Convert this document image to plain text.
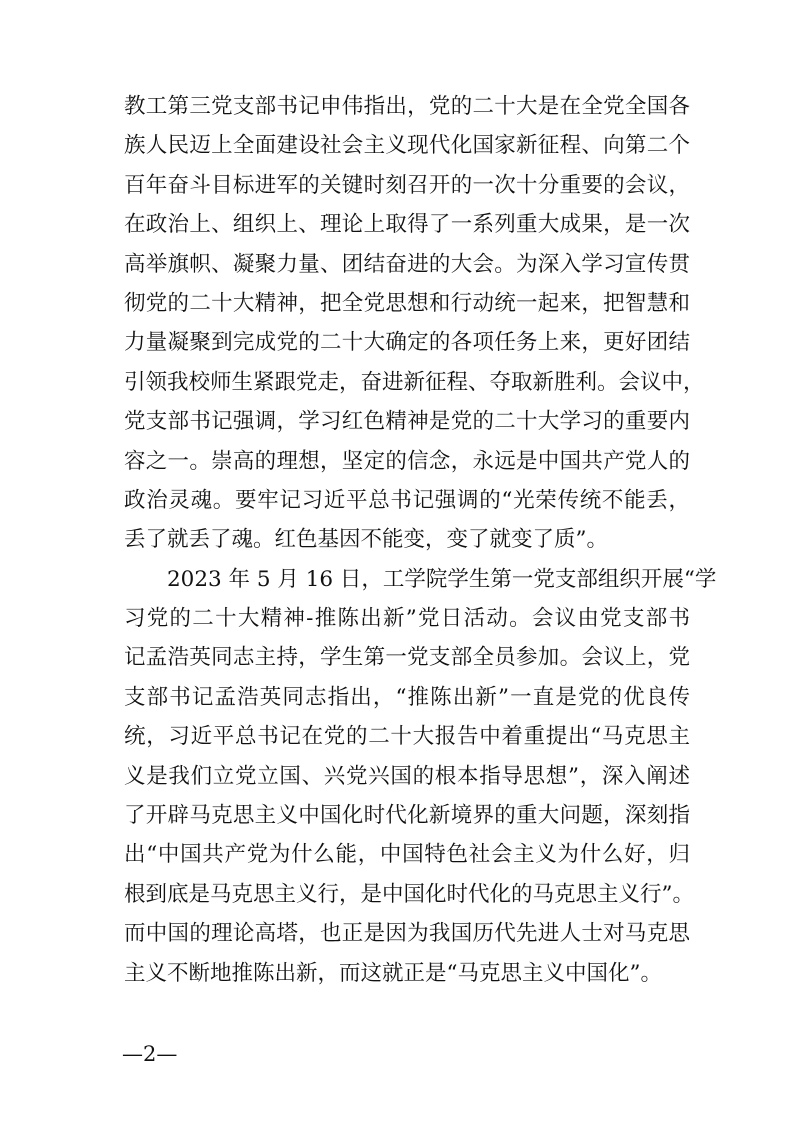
教工第三党支部书记申伟指出，党的二十大是在全党全国各
族人民迈上全面建设社会主义现代化国家新征程、向第二个
百年奋斗目标进军的关键时刻召开的一次十分重要的会议，
在政治上、组织上、理论上取得了一系列重大成果，是一次
高举旗帜、凝聚力量、团结奋进的大会。为深入学习宣传贯
彻党的二十大精神，把全党思想和行动统一起来，把智慧和
力量凝聚到完成党的二十大确定的各项任务上来，更好团结
引领我校师生紧跟党走，奋进新征程、夺取新胜利。会议中，
党支部书记强调，学习红色精神是党的二十大学习的重要内
容之一。崇高的理想，坚定的信念，永远是中国共产党人的
政治灵魂。要牢记习近平总书记强调的“光荣传统不能丢，
丢了就丢了魂。红色基因不能变，变了就变了质”。
2023 年 5 月 16 日，工学院学生第一党支部组织开展“学
习党的二十大精神-推陈出新”党日活动。会议由党支部书
记孟浩英同志主持，学生第一党支部全员参加。会议上，党
支部书记孟浩英同志指出，“推陈出新”一直是党的优良传
统，习近平总书记在党的二十大报告中着重提出“马克思主
义是我们立党立国、兴党兴国的根本指导思想”，深入阐述
了开辟马克思主义中国化时代化新境界的重大问题，深刻指
出“中国共产党为什么能，中国特色社会主义为什么好，归
根到底是马克思主义行，是中国化时代化的马克思主义行”。
而中国的理论高塔，也正是因为我国历代先进人士对马克思
主义不断地推陈出新，而这就正是“马克思主义中国化”。
—2—
